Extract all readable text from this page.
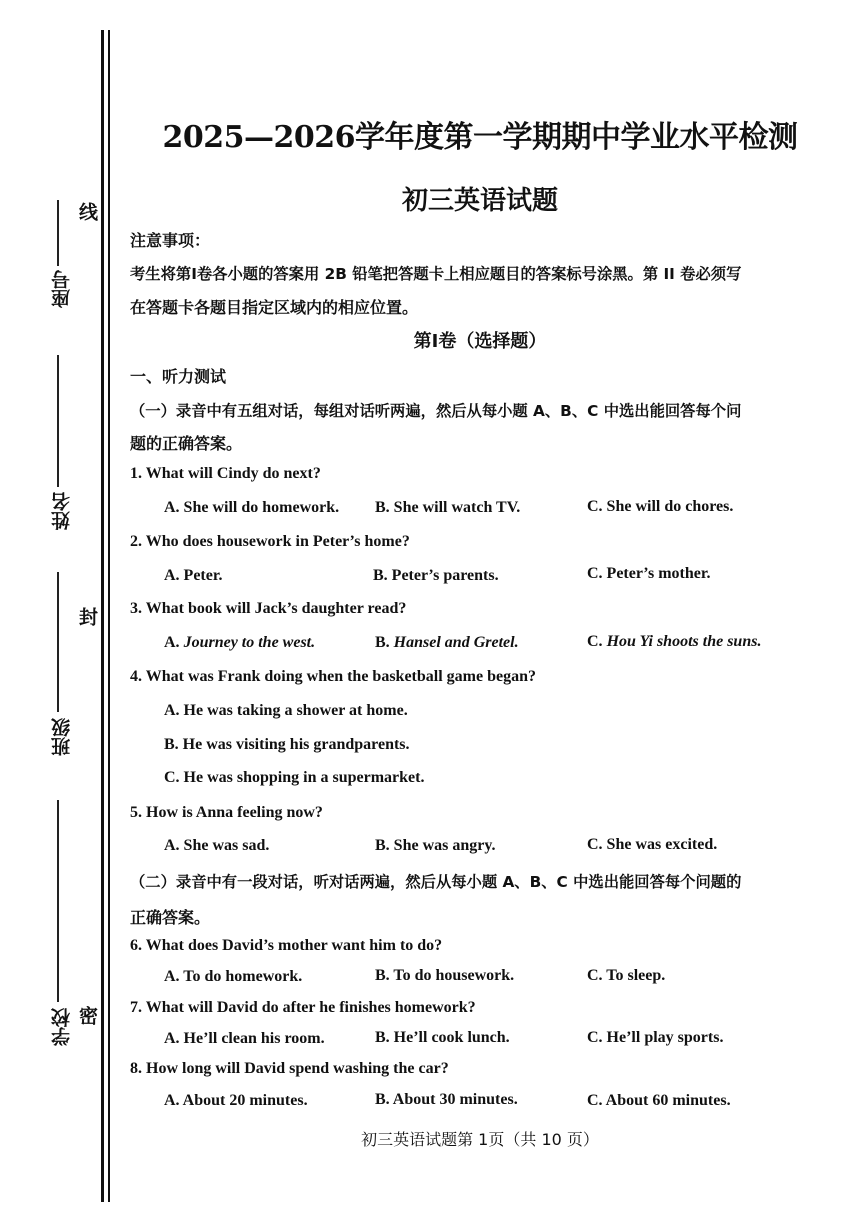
座号
姓名
班级
学校
线
封
密
2025—2026学年度第一学期期中学业水平检测
初三英语试题
注意事项：
考生将第Ⅰ卷各小题的答案用 2B 铅笔把答题卡上相应题目的答案标号涂黑。第 II 卷必须写
在答题卡各题目指定区域内的相应位置。
第Ⅰ卷（选择题）
一、听力测试
（一）录音中有五组对话，每组对话听两遍，然后从每小题 A、B、C 中选出能回答每个问
题的正确答案。
1. What will Cindy do next?
A. She will do homework. B. She will watch TV.	C. She will do chores.
2. Who does housework in Peter’s home?
A. Peter.	B. Peter’s parents.	C. Peter’s mother.
3. What book will Jack’s daughter read?
A. Journey to the west.	B. Hansel and Gretel.	C. Hou Yi shoots the suns.
4. What was Frank doing when the basketball game began?
A. He was taking a shower at home.
B. He was visiting his grandparents.
C. He was shopping in a supermarket.
5. How is Anna feeling now?
A. She was sad.	B. She was angry.	C. She was excited.
（二）录音中有一段对话，听对话两遍，然后从每小题 A、B、C 中选出能回答每个问题的
正确答案。
6. What does David’s mother want him to do?
A. To do homework.	B. To do housework.	C. To sleep.
7. What will David do after he finishes homework?
A. He’ll clean his room.	B. He’ll cook lunch.	C. He’ll play sports.
8. How long will David spend washing the car?
A. About 20 minutes.	B. About 30 minutes.	C. About 60 minutes.
初三英语试题第 1页（共 10 页）
